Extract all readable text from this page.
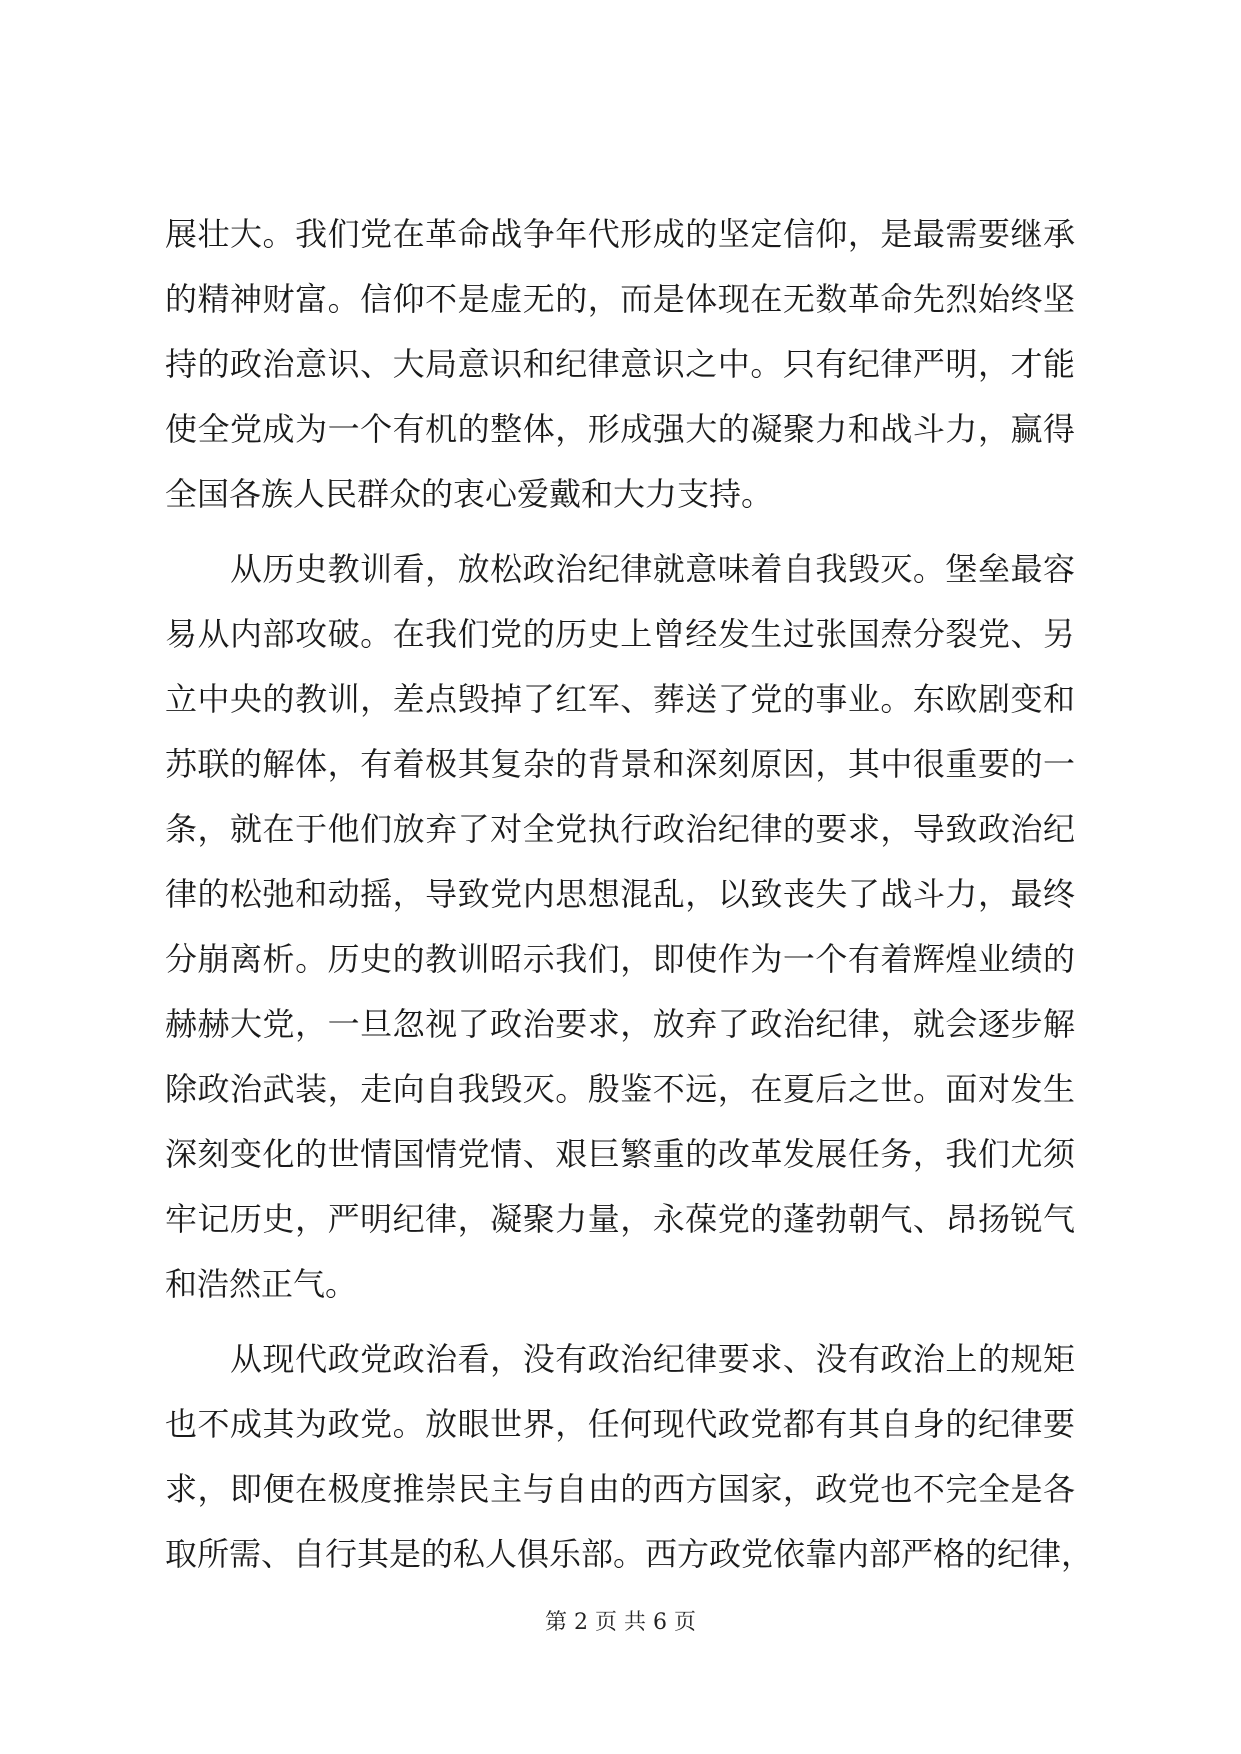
展壮大。我们党在革命战争年代形成的坚定信仰，是最需要继承
的精神财富。信仰不是虚无的，而是体现在无数革命先烈始终坚
持的政治意识、大局意识和纪律意识之中。只有纪律严明，才能
使全党成为一个有机的整体，形成强大的凝聚力和战斗力，赢得
全国各族人民群众的衷心爱戴和大力支持。
　　从历史教训看，放松政治纪律就意味着自我毁灭。堡垒最容
易从内部攻破。在我们党的历史上曾经发生过张国焘分裂党、另
立中央的教训，差点毁掉了红军、葬送了党的事业。东欧剧变和
苏联的解体，有着极其复杂的背景和深刻原因，其中很重要的一
条，就在于他们放弃了对全党执行政治纪律的要求，导致政治纪
律的松弛和动摇，导致党内思想混乱，以致丧失了战斗力，最终
分崩离析。历史的教训昭示我们，即使作为一个有着辉煌业绩的
赫赫大党，一旦忽视了政治要求，放弃了政治纪律，就会逐步解
除政治武装，走向自我毁灭。殷鉴不远，在夏后之世。面对发生
深刻变化的世情国情党情、艰巨繁重的改革发展任务，我们尤须
牢记历史，严明纪律，凝聚力量，永葆党的蓬勃朝气、昂扬锐气
和浩然正气。
　　从现代政党政治看，没有政治纪律要求、没有政治上的规矩
也不成其为政党。放眼世界，任何现代政党都有其自身的纪律要
求，即便在极度推崇民主与自由的西方国家，政党也不完全是各
取所需、自行其是的私人俱乐部。西方政党依靠内部严格的纪律，
第 2 页 共 6 页
